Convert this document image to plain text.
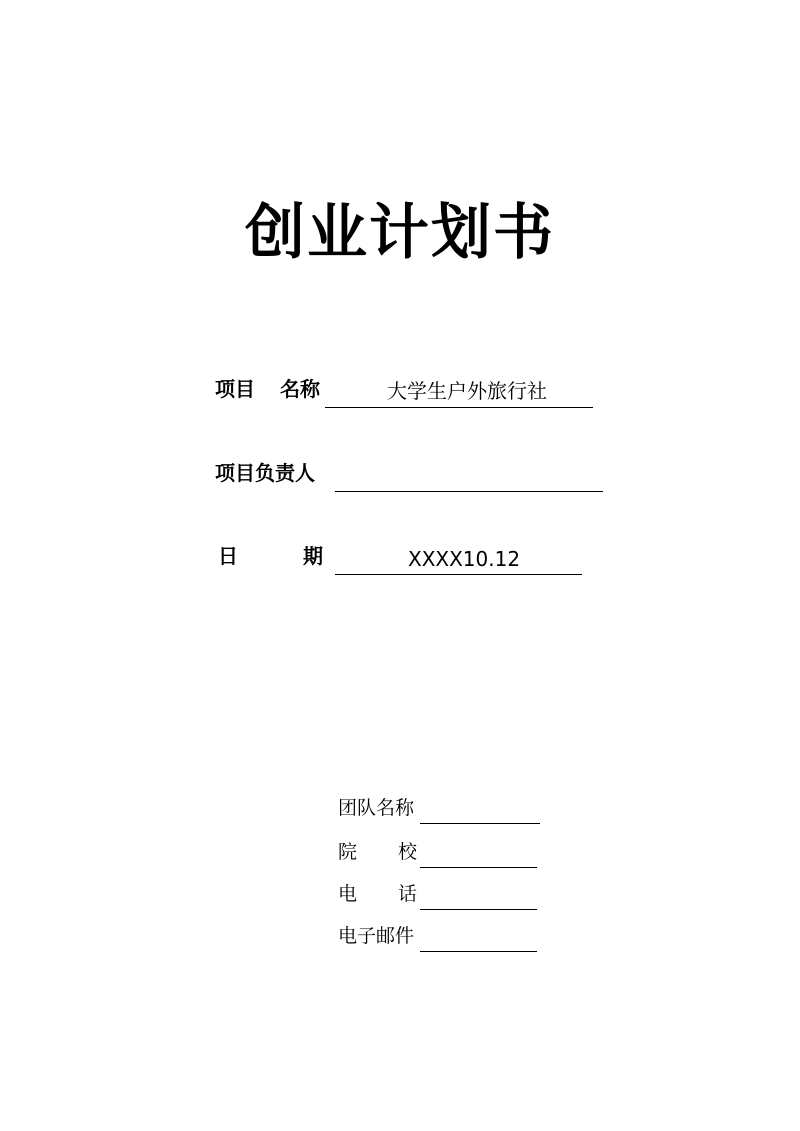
创业计划书
项目 名称	大学生户外旅行社
项目负责人
日	期	XXXX10.12
团队名称
院 校
电 话
电子邮件
